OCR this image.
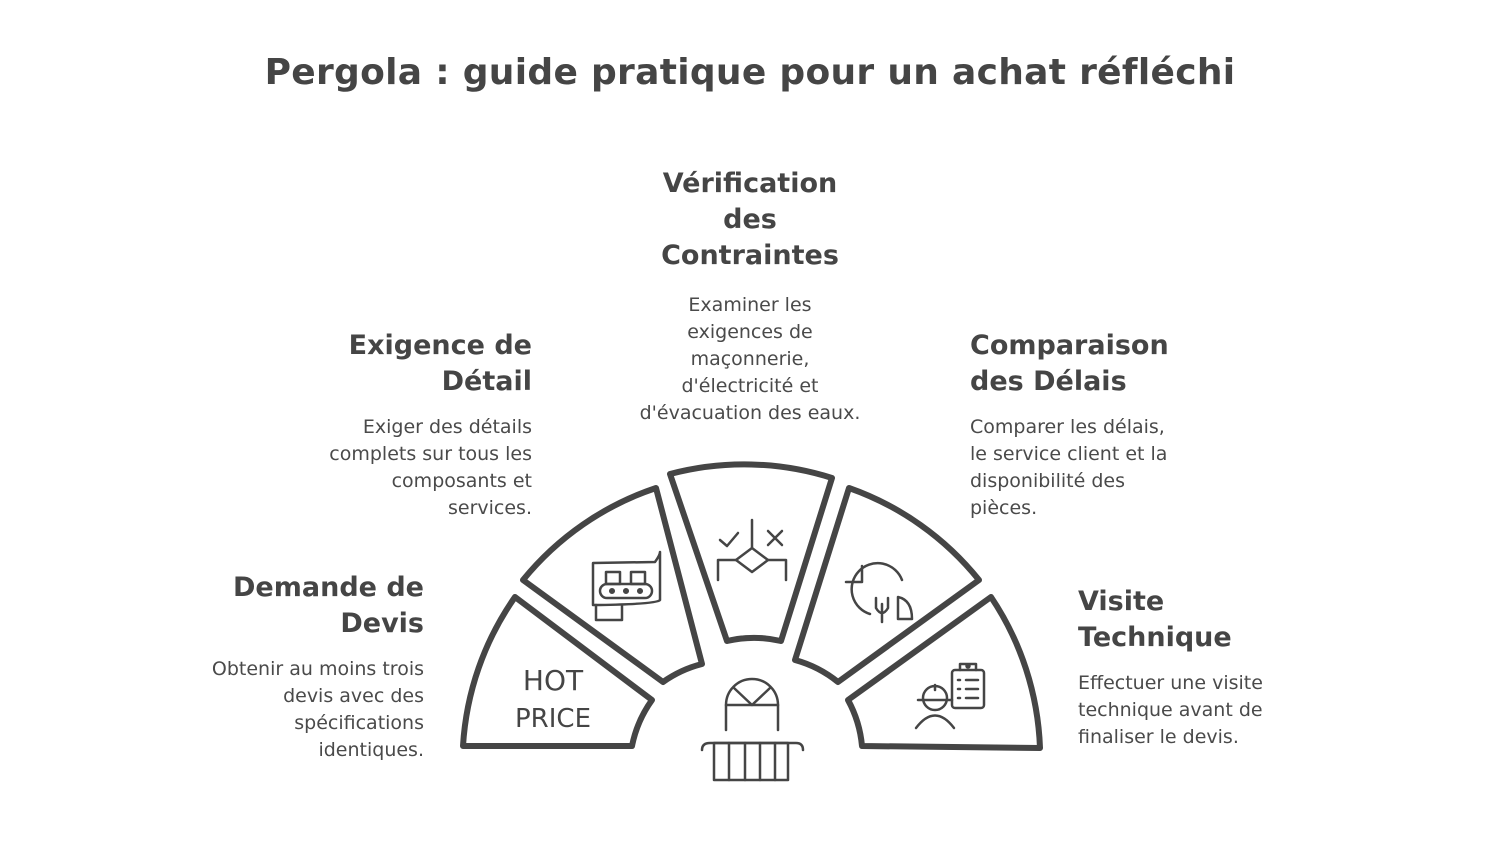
Pergola : guide pratique pour un achat réfléchi
Vérification
des
Contraintes
Examiner les
exigences de
maçonnerie,
d'électricité et
d'évacuation des eaux.
Exigence de
Détail
Exiger des détails
complets sur tous les
composants et
services.
Comparaison
des Délais
Comparer les délais,
le service client et la
disponibilité des
pièces.
Demande de
Devis
Obtenir au moins trois
devis avec des
spécifications
identiques.
Visite
Technique
Effectuer une visite
technique avant de
finaliser le devis.
HOT
PRICE
